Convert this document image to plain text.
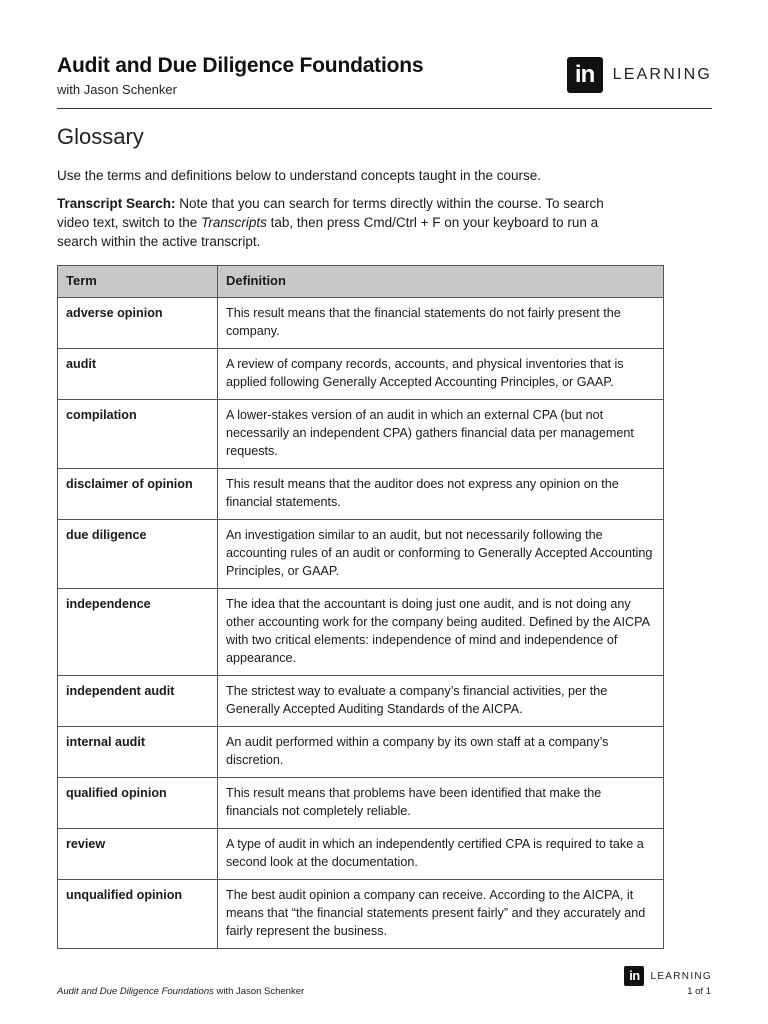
Audit and Due Diligence Foundations
with Jason Schenker
in	LEARNING
Glossary
Use the terms and definitions below to understand concepts taught in the course.
Transcript Search: Note that you can search for terms directly within the course. To search video text, switch to the Transcripts tab, then press Cmd/Ctrl + F on your keyboard to run a search within the active transcript.
Term	Definition
adverse opinion	This result means that the financial statements do not fairly present the company.
audit	A review of company records, accounts, and physical inventories that is applied following Generally Accepted Accounting Principles, or GAAP.
compilation	A lower-stakes version of an audit in which an external CPA (but not necessarily an independent CPA) gathers financial data per management requests.
disclaimer of opinion	This result means that the auditor does not express any opinion on the financial statements.
due diligence	An investigation similar to an audit, but not necessarily following the accounting rules of an audit or conforming to Generally Accepted Accounting Principles, or GAAP.
independence	The idea that the accountant is doing just one audit, and is not doing any other accounting work for the company being audited. Defined by the AICPA with two critical elements: independence of mind and independence of appearance.
independent audit	The strictest way to evaluate a company’s financial activities, per the Generally Accepted Auditing Standards of the AICPA.
internal audit	An audit performed within a company by its own staff at a company’s discretion.
qualified opinion	This result means that problems have been identified that make the financials not completely reliable.
review	A type of audit in which an independently certified CPA is required to take a second look at the documentation.
unqualified opinion	The best audit opinion a company can receive. According to the AICPA, it means that “the financial statements present fairly” and they accurately and fairly represent the business.
in	LEARNING
Audit and Due Diligence Foundations with Jason Schenker	1 of 1
